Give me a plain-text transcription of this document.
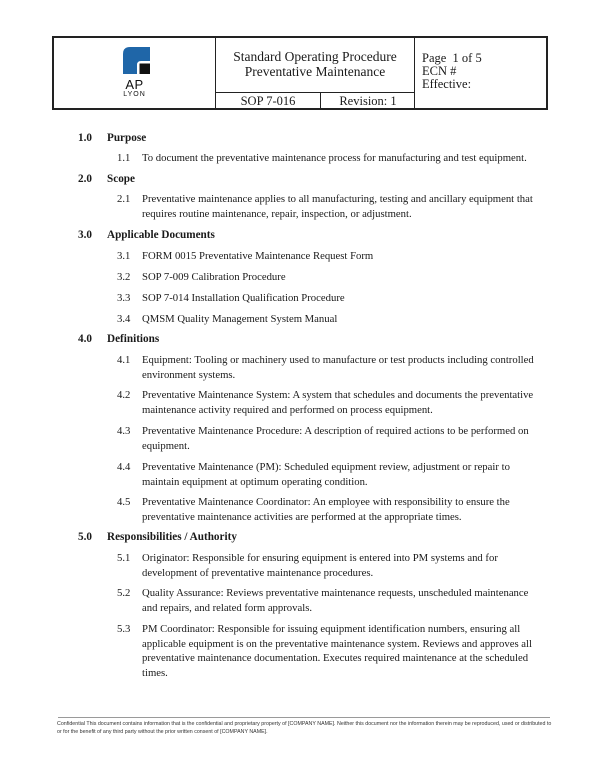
AP
LYON
Standard Operating Procedure
Preventative Maintenance
SOP 7-016	Revision: 1
Page  1 of 5
ECN #
Effective:
1.0 Purpose
1.1 To document the preventative maintenance process for manufacturing and test equipment.
2.0 Scope
2.1 Preventative maintenance applies to all manufacturing, testing and ancillary equipment that requires routine maintenance, repair, inspection, or adjustment.
3.0 Applicable Documents
3.1 FORM 0015 Preventative Maintenance Request Form
3.2 SOP 7-009 Calibration Procedure
3.3 SOP 7-014 Installation Qualification Procedure
3.4 QMSM Quality Management System Manual
4.0 Definitions
4.1 Equipment: Tooling or machinery used to manufacture or test products including controlled environment systems.
4.2 Preventative Maintenance System: A system that schedules and documents the preventative maintenance activity required and performed on process equipment.
4.3 Preventative Maintenance Procedure: A description of required actions to be performed on equipment.
4.4 Preventative Maintenance (PM): Scheduled equipment review, adjustment or repair to maintain equipment at optimum operating condition.
4.5 Preventative Maintenance Coordinator: An employee with responsibility to ensure the preventative maintenance activities are performed at the appropriate times.
5.0 Responsibilities / Authority
5.1 Originator: Responsible for ensuring equipment is entered into PM systems and for development of preventative maintenance procedures.
5.2 Quality Assurance: Reviews preventative maintenance requests, unscheduled maintenance and repairs, and related form approvals.
5.3 PM Coordinator: Responsible for issuing equipment identification numbers, ensuring all applicable equipment is on the preventative maintenance system. Reviews and approves all preventative maintenance documentation. Executes required maintenance at the scheduled times.
Confidential This document contains information that is the confidential and proprietary property of [COMPANY NAME]. Neither this document nor the information therein may be reproduced, used or distributed to or for the benefit of any third party without the prior written consent of [COMPANY NAME].
